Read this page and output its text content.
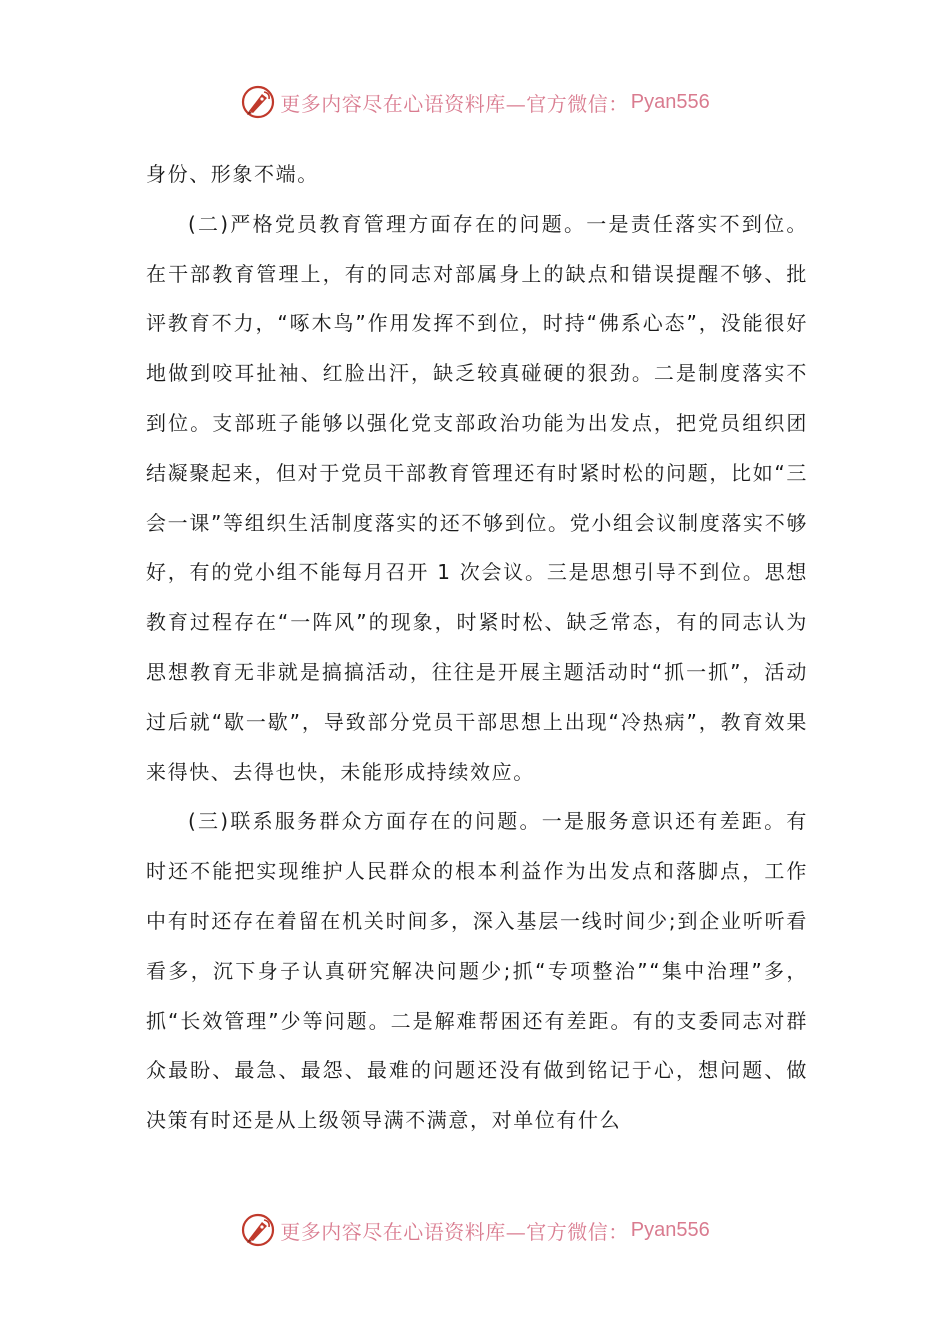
更多内容尽在心语资料库—官方微信： Pyan556

身份、形象不端。

(二)严格党员教育管理方面存在的问题。一是责任落实不到位。在干部教育管理上，有的同志对部属身上的缺点和错误提醒不够、批评教育不力，“啄木鸟”作用发挥不到位，时持“佛系心态”，没能很好地做到咬耳扯袖、红脸出汗，缺乏较真碰硬的狠劲。二是制度落实不到位。支部班子能够以强化党支部政治功能为出发点，把党员组织团结凝聚起来，但对于党员干部教育管理还有时紧时松的问题，比如“三会一课”等组织生活制度落实的还不够到位。党小组会议制度落实不够好，有的党小组不能每月召开 1 次会议。三是思想引导不到位。思想教育过程存在“一阵风”的现象，时紧时松、缺乏常态，有的同志认为思想教育无非就是搞搞活动，往往是开展主题活动时“抓一抓”，活动过后就“歇一歇”，导致部分党员干部思想上出现“冷热病”，教育效果来得快、去得也快，未能形成持续效应。

(三)联系服务群众方面存在的问题。一是服务意识还有差距。有时还不能把实现维护人民群众的根本利益作为出发点和落脚点，工作中有时还存在着留在机关时间多，深入基层一线时间少;到企业听听看看多，沉下身子认真研究解决问题少;抓“专项整治”“集中治理”多，抓“长效管理”少等问题。二是解难帮困还有差距。有的支委同志对群众最盼、最急、最怨、最难的问题还没有做到铭记于心，想问题、做决策有时还是从上级领导满不满意，对单位有什么

更多内容尽在心语资料库—官方微信： Pyan556
